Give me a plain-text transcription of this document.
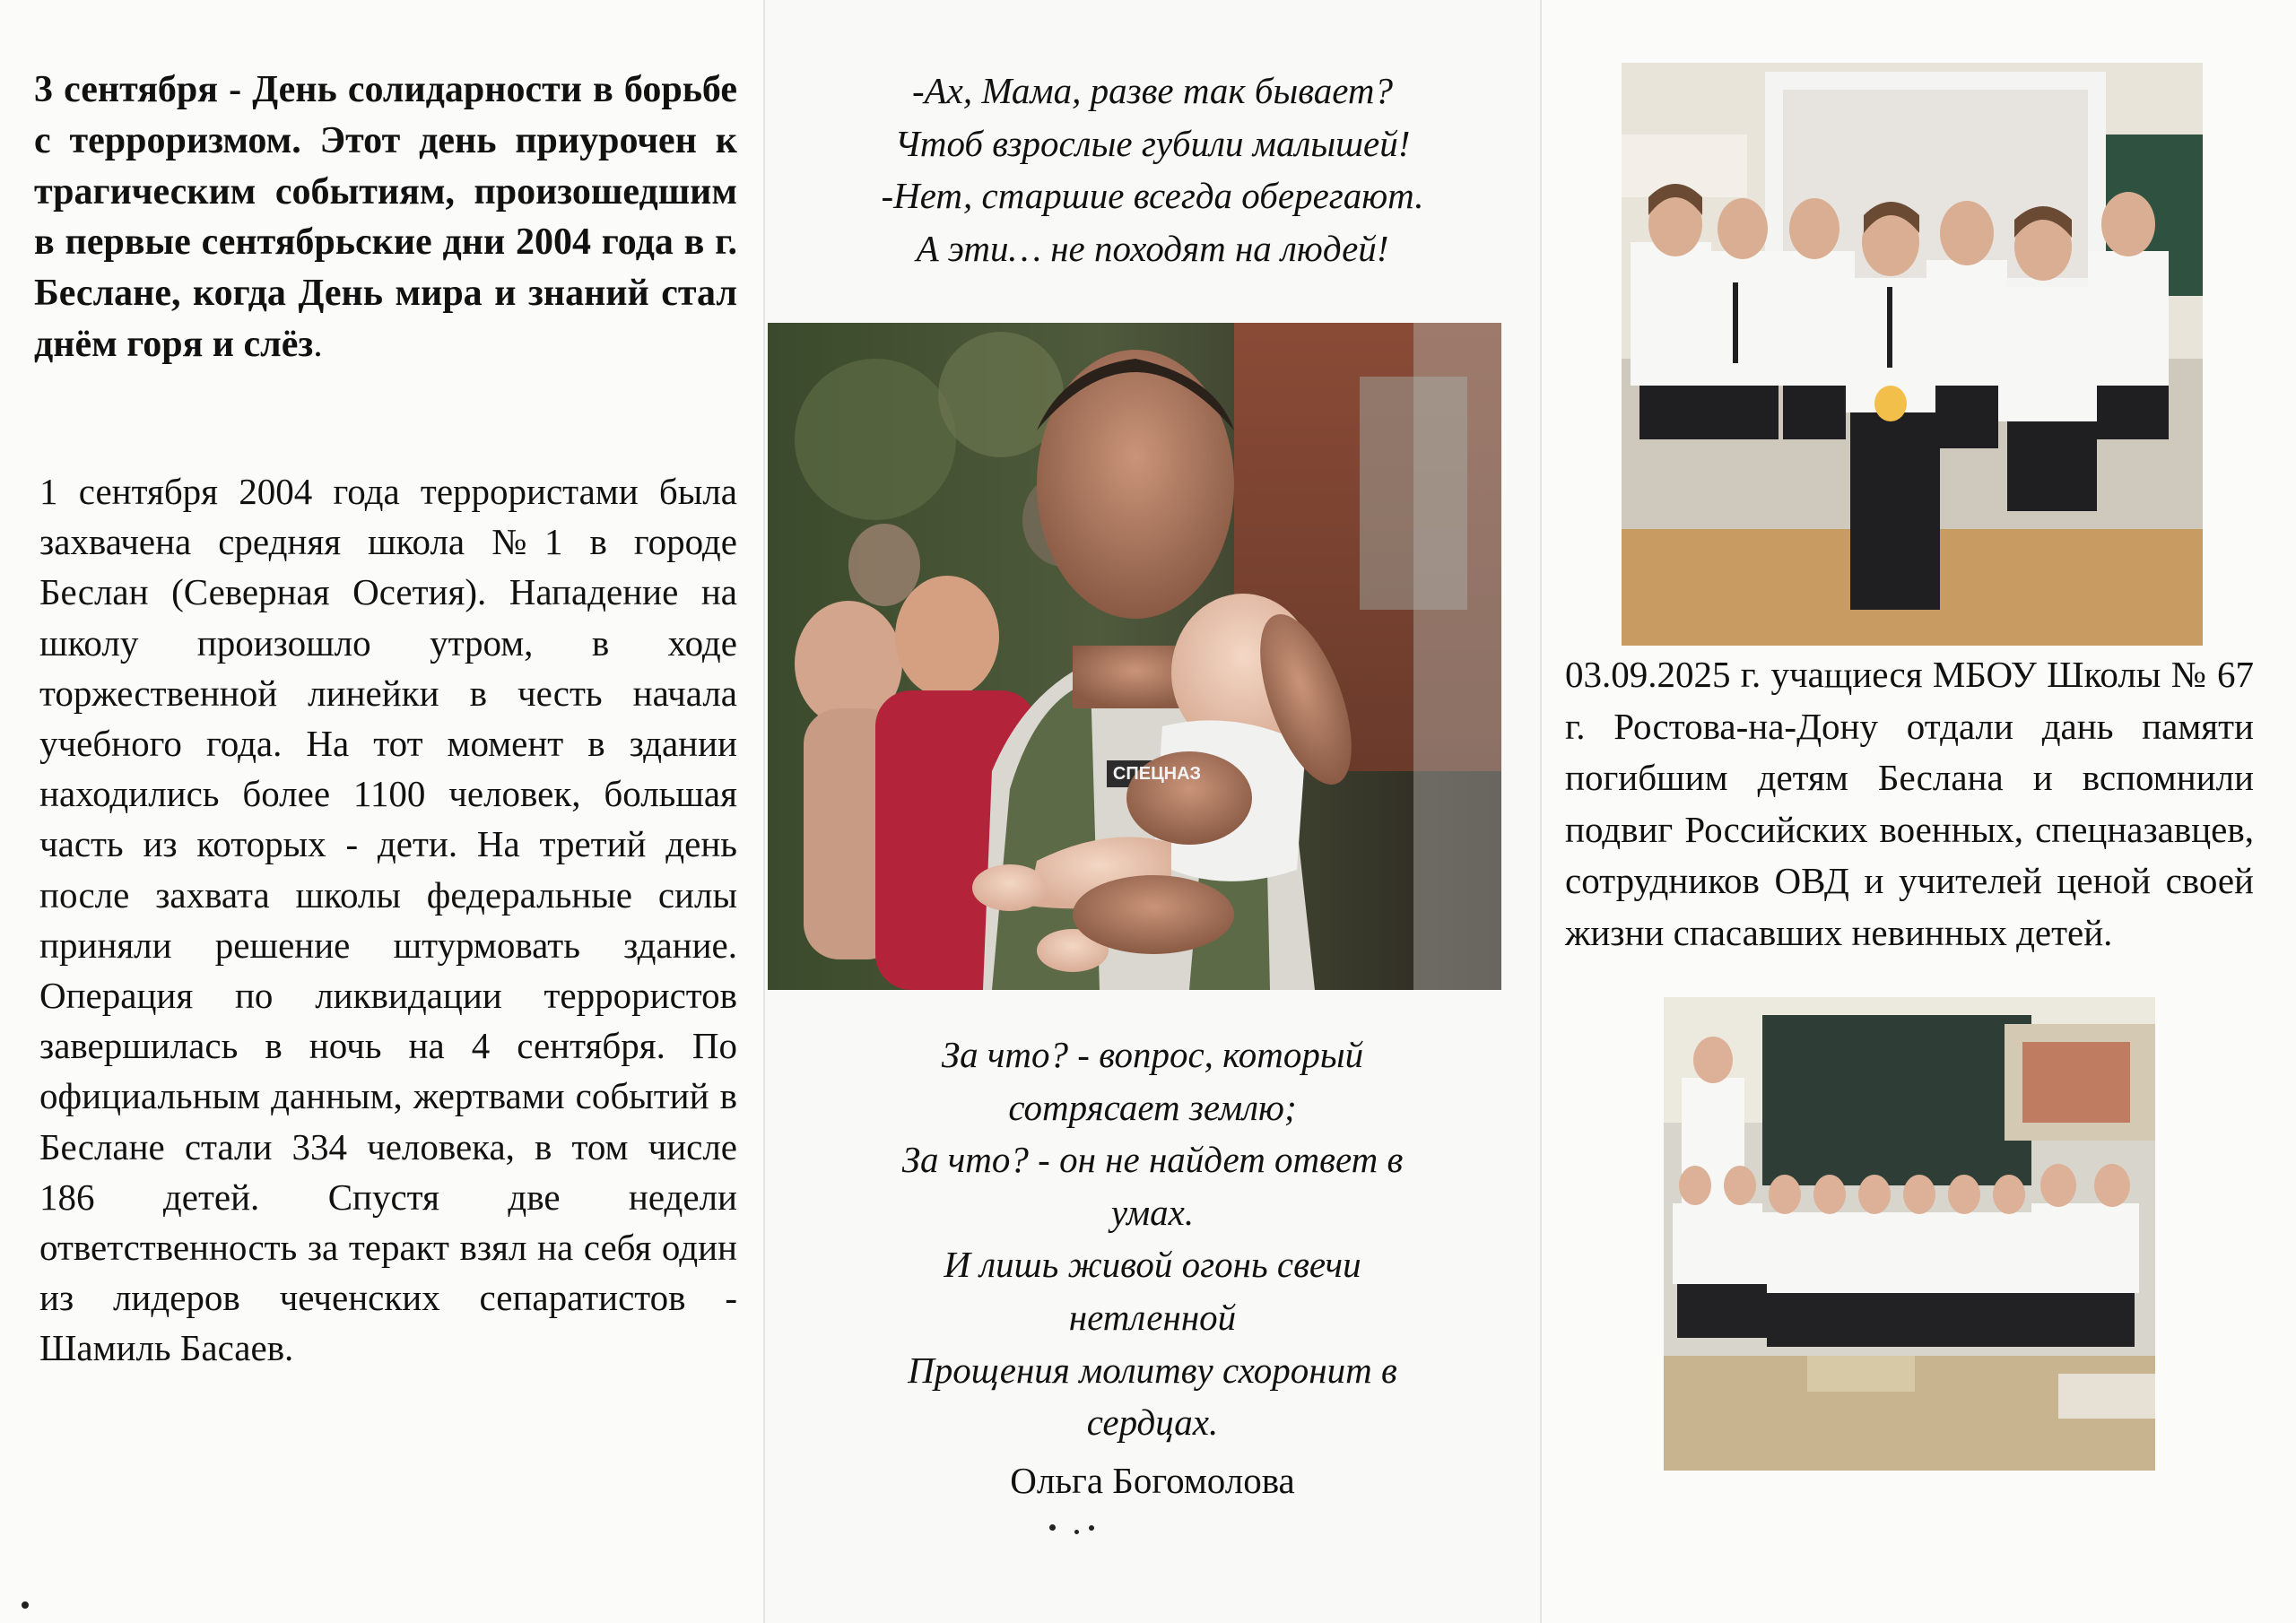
3 сентября - День солидарности в борьбе с терроризмом. Этот день приурочен к трагическим событиям, произошедшим в первые сентябрьские дни 2004 года в г. Беслане, когда День мира и знаний стал днём горя и слёз.
1 сентября 2004 года террористами была захвачена средняя школа №1 в городе Беслан (Северная Осетия). Нападение на школу произошло утром, в ходе торжественной линейки в честь начала учебного года. На тот момент в здании находились более 1100 человек, большая часть из которых - дети. На третий день после захвата школы федеральные силы приняли решение штурмовать здание. Операция по ликвидации террористов завершилась в ночь на 4 сентября. По официальным данным, жертвами событий в Беслане стали 334 человека, в том числе 186 детей. Спустя две недели ответственность за теракт взял на себя один из лидеров чеченских сепаратистов - Шамиль Басаев.
-Ах, Мама, разве так бывает?
Чтоб взрослые губили малышей!
-Нет, старшие всегда оберегают.
А эти… не походят на людей!
СПЕЦНАЗ
За что? - вопрос, который
сотрясает землю;
За что? - он не найдет ответ в
умах.
И лишь живой огонь свечи
нетленной
Прощения молитву схоронит в
сердцах.
Ольга Богомолова
03.09.2025 г. учащиеся МБОУ Школы № 67 г. Ростова-на-Дону отдали дань памяти погибшим детям Беслана и вспомнили подвиг Российских военных, спецназавцев, сотрудников ОВД и учителей ценой своей жизни спасавших невинных детей.
